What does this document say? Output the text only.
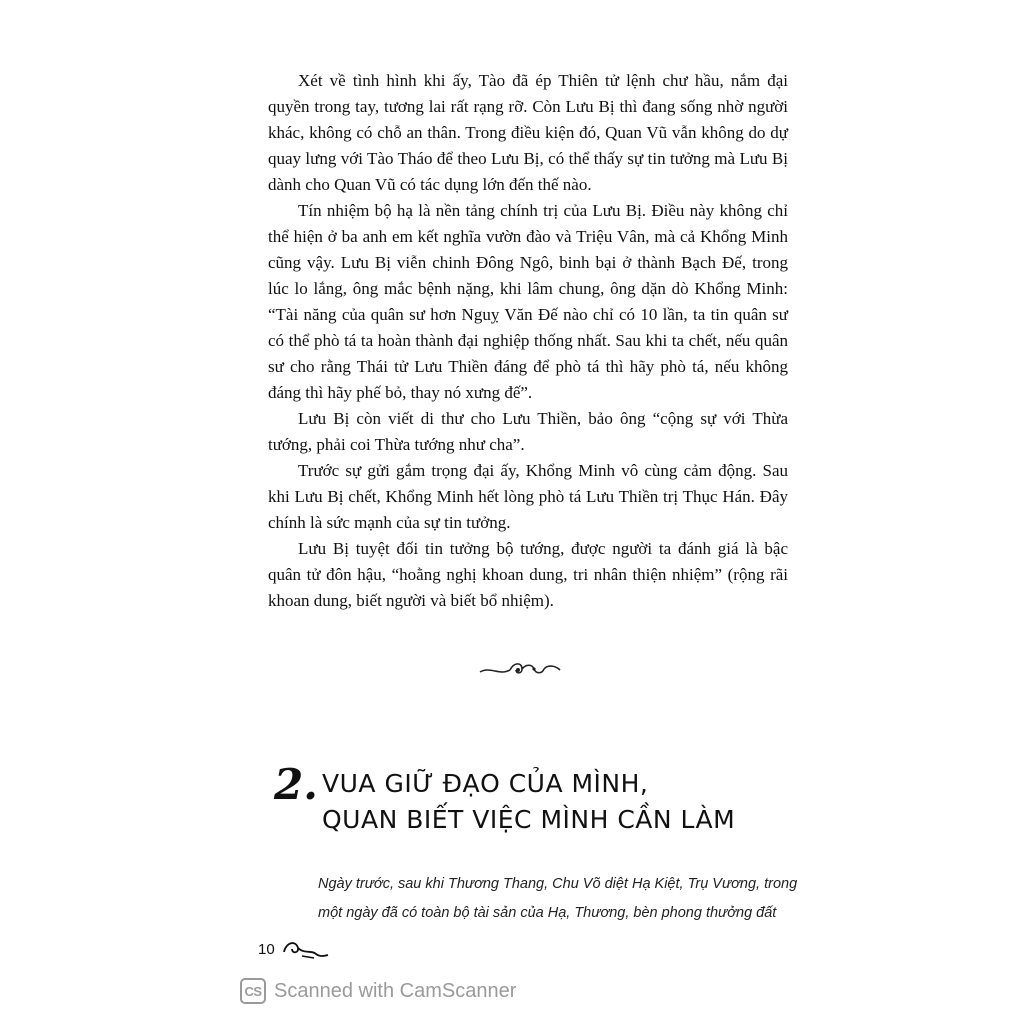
Xét về tình hình khi ấy, Tào đã ép Thiên tử lệnh chư hầu, nắm đại quyền trong tay, tương lai rất rạng rỡ. Còn Lưu Bị thì đang sống nhờ người khác, không có chỗ an thân. Trong điều kiện đó, Quan Vũ vẫn không do dự quay lưng với Tào Tháo để theo Lưu Bị, có thể thấy sự tin tưởng mà Lưu Bị dành cho Quan Vũ có tác dụng lớn đến thế nào.

Tín nhiệm bộ hạ là nền tảng chính trị của Lưu Bị. Điều này không chỉ thể hiện ở ba anh em kết nghĩa vườn đào và Triệu Vân, mà cả Khổng Minh cũng vậy. Lưu Bị viễn chinh Đông Ngô, binh bại ở thành Bạch Đế, trong lúc lo lắng, ông mắc bệnh nặng, khi lâm chung, ông dặn dò Khổng Minh: “Tài năng của quân sư hơn Nguỵ Văn Đế nào chỉ có 10 lần, ta tin quân sư có thể phò tá ta hoàn thành đại nghiệp thống nhất. Sau khi ta chết, nếu quân sư cho rằng Thái tử Lưu Thiền đáng để phò tá thì hãy phò tá, nếu không đáng thì hãy phế bỏ, thay nó xưng đế”.

Lưu Bị còn viết di thư cho Lưu Thiền, bảo ông “cộng sự với Thừa tướng, phải coi Thừa tướng như cha”.

Trước sự gửi gắm trọng đại ấy, Khổng Minh vô cùng cảm động. Sau khi Lưu Bị chết, Khổng Minh hết lòng phò tá Lưu Thiền trị Thục Hán. Đây chính là sức mạnh của sự tin tưởng.

Lưu Bị tuyệt đối tin tưởng bộ tướng, được người ta đánh giá là bậc quân tử đôn hậu, “hoằng nghị khoan dung, tri nhân thiện nhiệm” (rộng rãi khoan dung, biết người và biết bổ nhiệm).

2. VUA GIỮ ĐẠO CỦA MÌNH,
QUAN BIẾT VIỆC MÌNH CẦN LÀM
Ngày trước, sau khi Thương Thang, Chu Võ diệt Hạ Kiệt, Trụ Vương, trong
một ngày đã có toàn bộ tài sản của Hạ, Thương, bèn phong thưởng đất
10
CS Scanned with CamScanner
